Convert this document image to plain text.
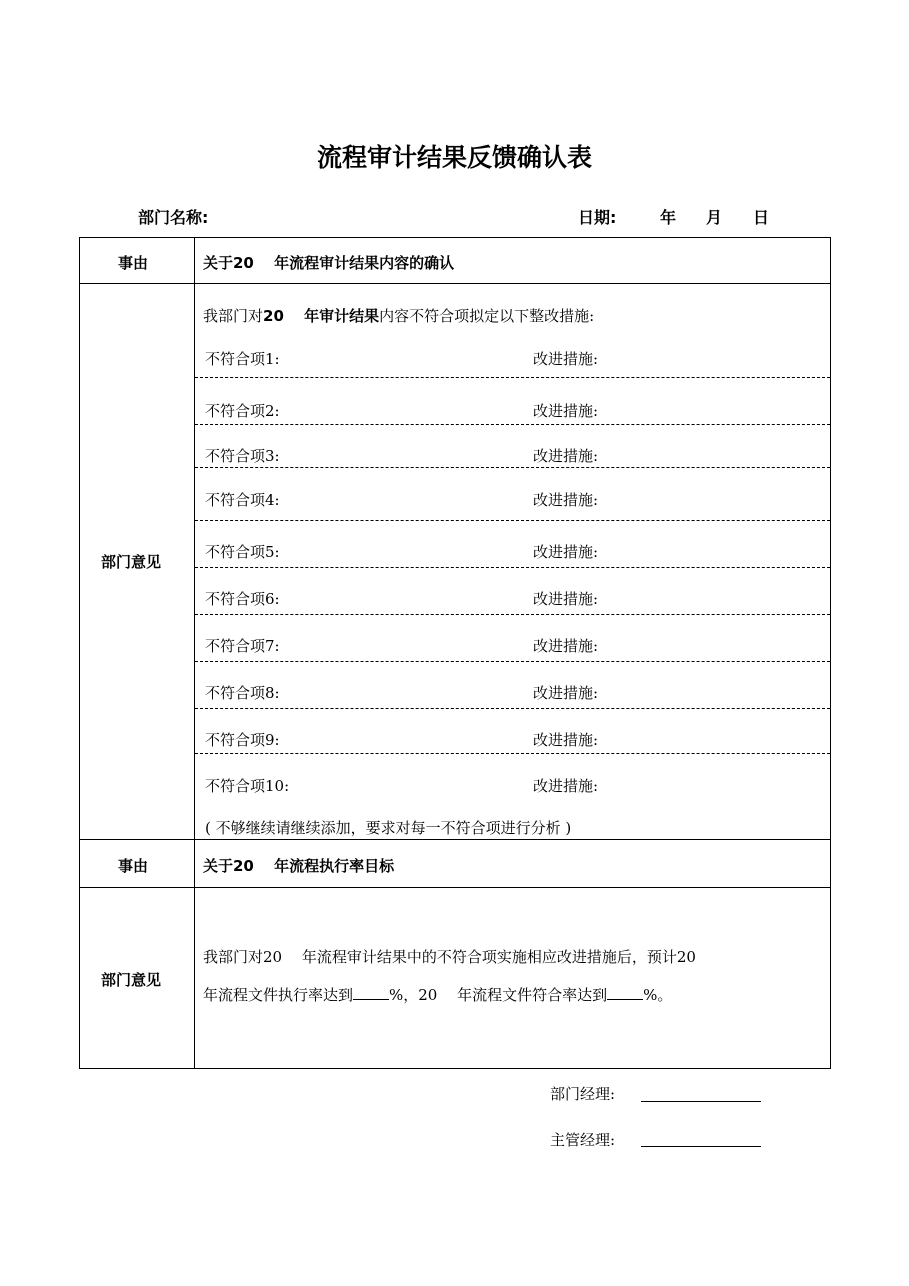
流程审计结果反馈确认表
部门名称:	日期:	年 月 日
事由	关于20　 年流程审计结果内容的确认
部门意见
我部门对20　 年审计结果内容不符合项拟定以下整改措施:
不符合项1:	改进措施:
不符合项2:	改进措施:
不符合项3:	改进措施:
不符合项4:	改进措施:
不符合项5:	改进措施:
不符合项6:	改进措施:
不符合项7:	改进措施:
不符合项8:	改进措施:
不符合项9:	改进措施:
不符合项10:	改进措施:
( 不够继续请继续添加，要求对每一不符合项进行分析 )
事由	关于20　 年流程执行率目标
部门意见
我部门对20　 年流程审计结果中的不符合项实施相应改进措施后，预计20
年流程文件执行率达到 %，20　 年流程文件符合率达到 %。
部门经理:
主管经理:
